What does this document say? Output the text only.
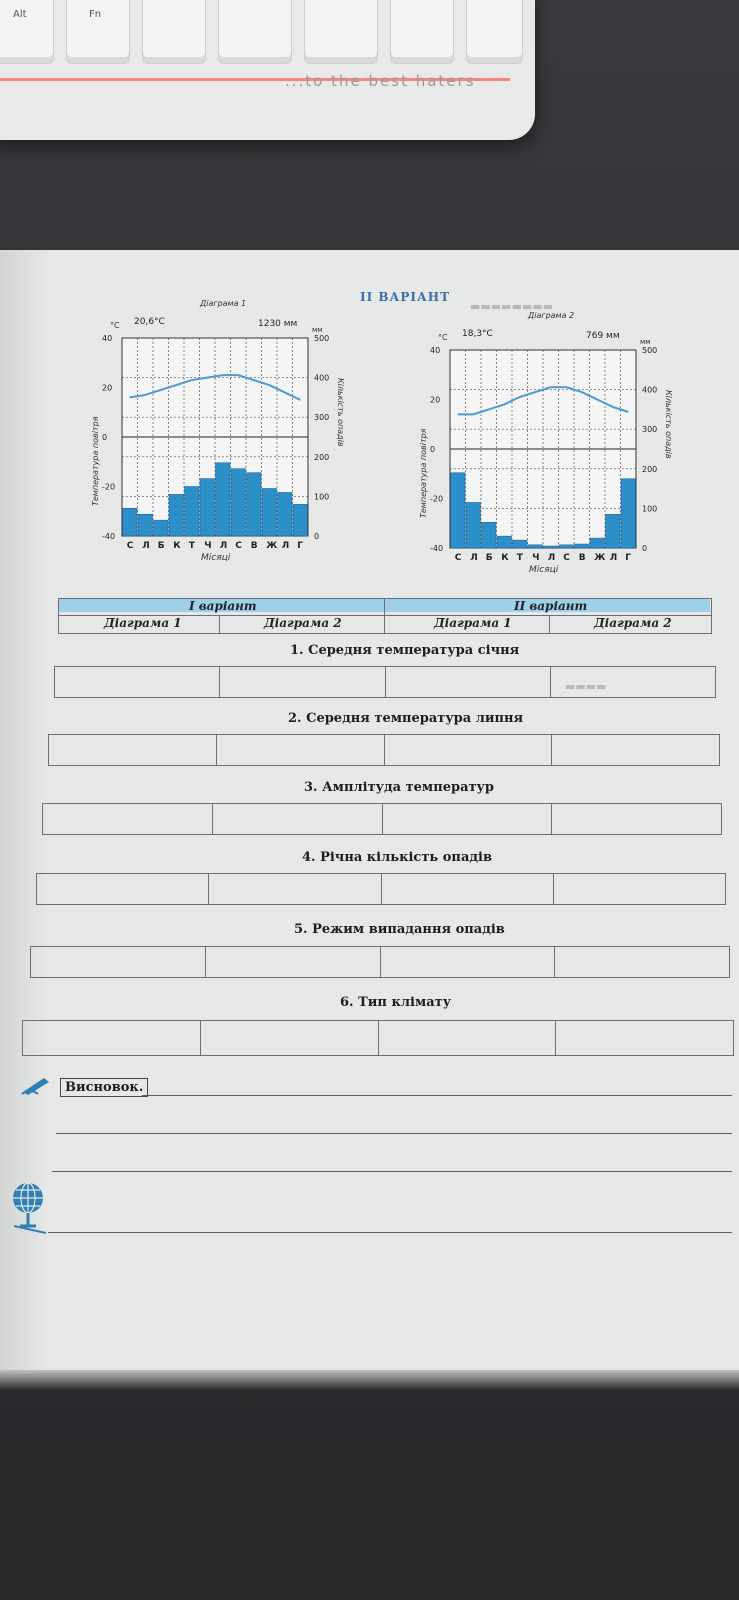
Alt	Fn
...to the best haters
▬▬▬▬▬▬▬▬
▬▬▬▬
ІІ ВАРІАНТ
Діаграма 1
°C 20,6°C	1230 мм
мм
40
20
0
-20
-40
500
400
300
200
100
0
С Л Б К Т Ч Л С В Ж Л Г
Місяці
Температура повітря
Кількість опадів
Діаграма 2
°C 18,3°C	769 мм
мм
40
20
0
-20
-40
500
400
300
200
100
0
С Л Б К Т Ч Л С В Ж Л Г
Місяці
Температура повітря
Кількість опадів
І варіант	ІІ варіант
Діаграма 1	Діаграма 2	Діаграма 1	Діаграма 2
1. Середня температура січня

2. Середня температура липня

3. Амплітуда температур

4. Річна кількість опадів

5. Режим випадання опадів

6. Тип клімату

Висновок.
